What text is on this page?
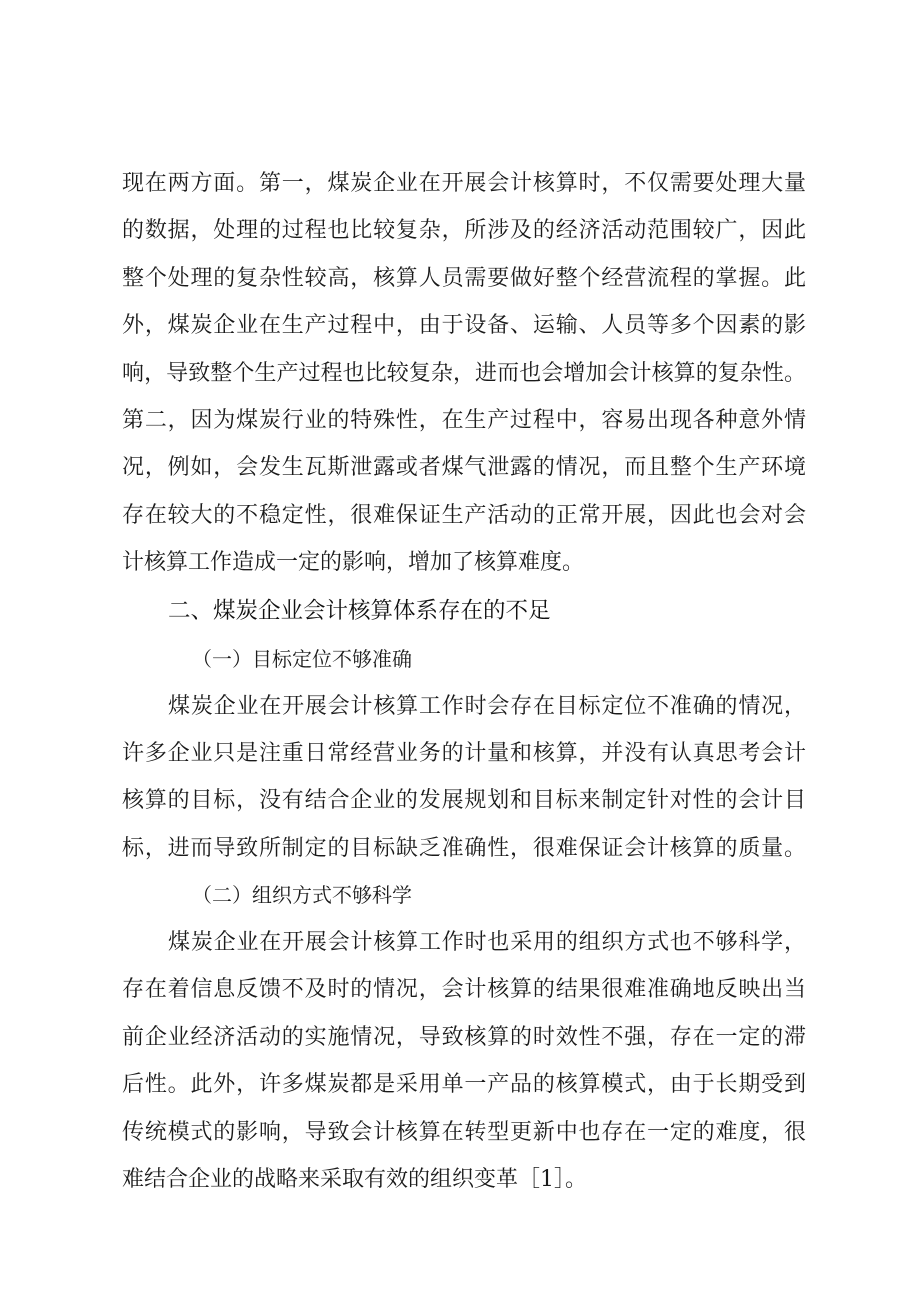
现在两方面。第一，煤炭企业在开展会计核算时，不仅需要处理大量
的数据，处理的过程也比较复杂，所涉及的经济活动范围较广，因此
整个处理的复杂性较高，核算人员需要做好整个经营流程的掌握。此
外，煤炭企业在生产过程中，由于设备、运输、人员等多个因素的影
响，导致整个生产过程也比较复杂，进而也会增加会计核算的复杂性。
第二，因为煤炭行业的特殊性，在生产过程中，容易出现各种意外情
况，例如，会发生瓦斯泄露或者煤气泄露的情况，而且整个生产环境
存在较大的不稳定性，很难保证生产活动的正常开展，因此也会对会
计核算工作造成一定的影响，增加了核算难度。
二、煤炭企业会计核算体系存在的不足
（一）目标定位不够准确
煤炭企业在开展会计核算工作时会存在目标定位不准确的情况，
许多企业只是注重日常经营业务的计量和核算，并没有认真思考会计
核算的目标，没有结合企业的发展规划和目标来制定针对性的会计目
标，进而导致所制定的目标缺乏准确性，很难保证会计核算的质量。
（二）组织方式不够科学
煤炭企业在开展会计核算工作时也采用的组织方式也不够科学，
存在着信息反馈不及时的情况，会计核算的结果很难准确地反映出当
前企业经济活动的实施情况，导致核算的时效性不强，存在一定的滞
后性。此外，许多煤炭都是采用单一产品的核算模式，由于长期受到
传统模式的影响，导致会计核算在转型更新中也存在一定的难度，很
难结合企业的战略来采取有效的组织变革［1］。
